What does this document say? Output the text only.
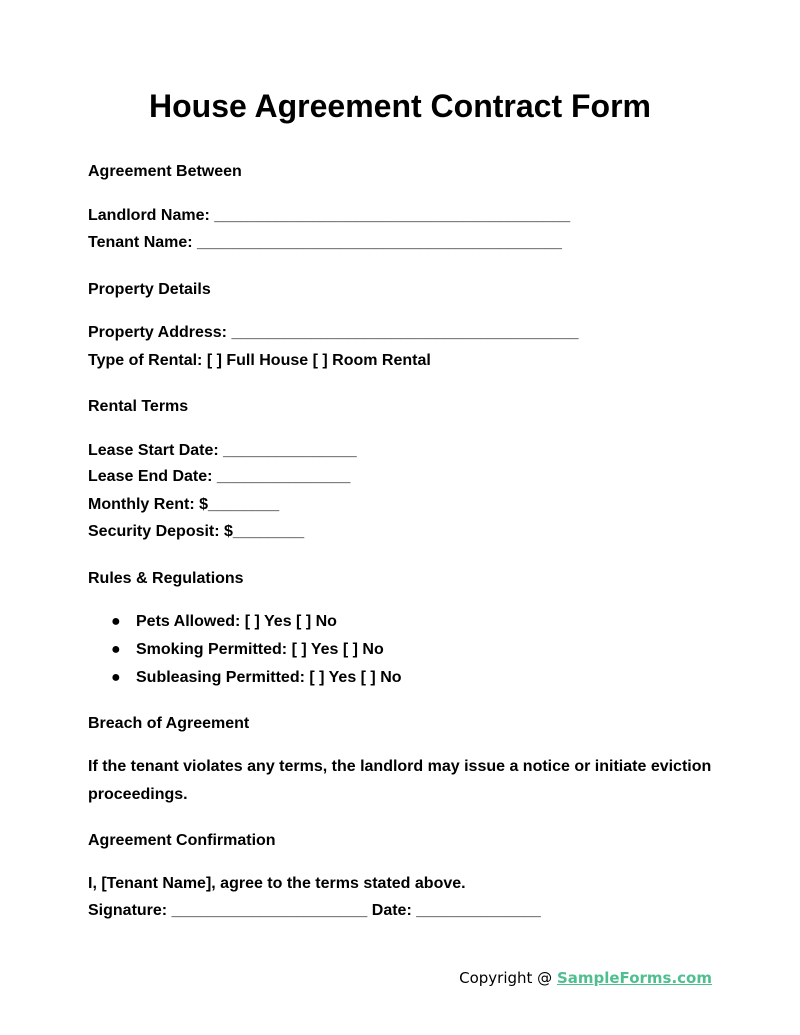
House Agreement Contract Form
Agreement Between
Landlord Name: ________________________________________
Tenant Name: _________________________________________
Property Details
Property Address: _______________________________________
Type of Rental: [ ] Full House [ ] Room Rental
Rental Terms
Lease Start Date: _______________
Lease End Date: _______________
Monthly Rent: $________
Security Deposit: $________
Rules & Regulations
● Pets Allowed: [ ] Yes [ ] No
● Smoking Permitted: [ ] Yes [ ] No
● Subleasing Permitted: [ ] Yes [ ] No
Breach of Agreement
If the tenant violates any terms, the landlord may issue a notice or initiate eviction proceedings.
Agreement Confirmation
I, [Tenant Name], agree to the terms stated above.
Signature: ______________________ Date: ______________
Copyright @ SampleForms.com
